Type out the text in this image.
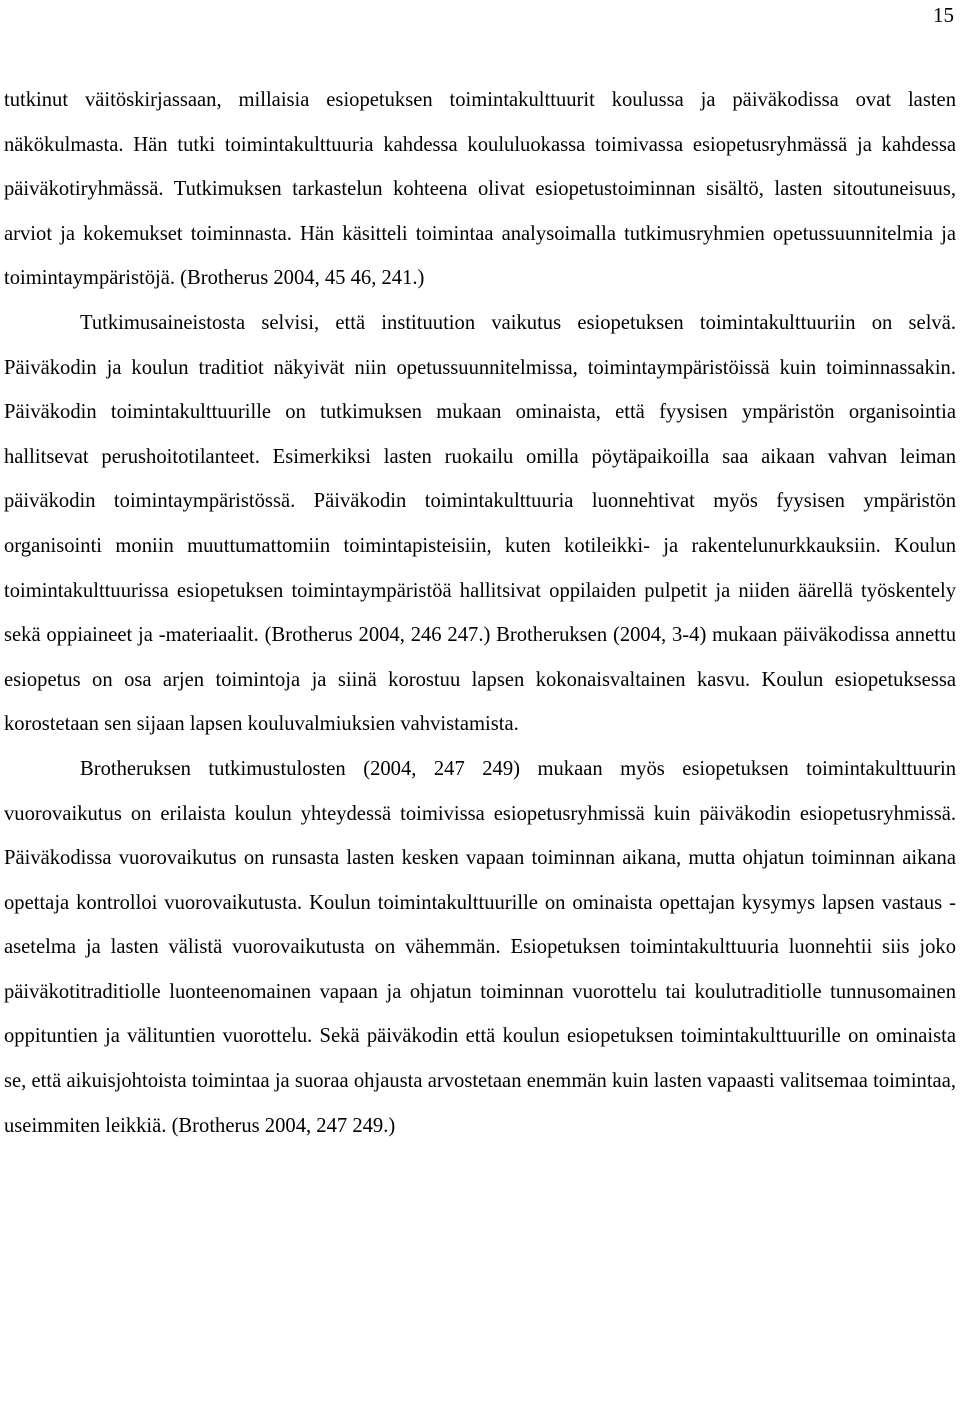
15

tutkinut väitöskirjassaan, millaisia esiopetuksen toimintakulttuurit koulussa ja päiväkodissa ovat lasten näkökulmasta. Hän tutki toimintakulttuuria kahdessa koululuokassa toimivassa esiopetusryhmässä ja kahdessa päiväkotiryhmässä. Tutkimuksen tarkastelun kohteena olivat esiopetustoiminnan sisältö, lasten sitoutuneisuus, arviot ja kokemukset toiminnasta. Hän käsitteli toimintaa analysoimalla tutkimusryhmien opetussuunnitelmia ja toimintaympäristöjä. (Brotherus 2004, 45 46, 241.)

Tutkimusaineistosta selvisi, että instituution vaikutus esiopetuksen toimintakulttuuriin on selvä. Päiväkodin ja koulun traditiot näkyivät niin opetussuunnitelmissa, toimintaympäristöissä kuin toiminnassakin. Päiväkodin toimintakulttuurille on tutkimuksen mukaan ominaista, että fyysisen ympäristön organisointia hallitsevat perushoitotilanteet. Esimerkiksi lasten ruokailu omilla pöytäpaikoilla saa aikaan vahvan leiman päiväkodin toimintaympäristössä. Päiväkodin toimintakulttuuria luonnehtivat myös fyysisen ympäristön organisointi moniin muuttumattomiin toimintapisteisiin, kuten kotileikki- ja rakentelunurkkauksiin. Koulun toimintakulttuurissa esiopetuksen toimintaympäristöä hallitsivat oppilaiden pulpetit ja niiden äärellä työskentely sekä oppiaineet ja -materiaalit. (Brotherus 2004, 246 247.) Brotheruksen (2004, 3-4) mukaan päiväkodissa annettu esiopetus on osa arjen toimintoja ja siinä korostuu lapsen kokonaisvaltainen kasvu. Koulun esiopetuksessa korostetaan sen sijaan lapsen kouluvalmiuksien vahvistamista.

Brotheruksen tutkimustulosten (2004, 247 249) mukaan myös esiopetuksen toimintakulttuurin vuorovaikutus on erilaista koulun yhteydessä toimivissa esiopetusryhmissä kuin päiväkodin esiopetusryhmissä. Päiväkodissa vuorovaikutus on runsasta lasten kesken vapaan toiminnan aikana, mutta ohjatun toiminnan aikana opettaja kontrolloi vuorovaikutusta. Koulun toimintakulttuurille on ominaista opettajan kysymys lapsen vastaus -asetelma ja lasten välistä vuorovaikutusta on vähemmän. Esiopetuksen toimintakulttuuria luonnehtii siis joko päiväkotitraditiolle luonteenomainen vapaan ja ohjatun toiminnan vuorottelu tai koulutraditiolle tunnusomainen oppituntien ja välituntien vuorottelu. Sekä päiväkodin että koulun esiopetuksen toimintakulttuurille on ominaista se, että aikuisjohtoista toimintaa ja suoraa ohjausta arvostetaan enemmän kuin lasten vapaasti valitsemaa toimintaa, useimmiten leikkiä. (Brotherus 2004, 247 249.)
